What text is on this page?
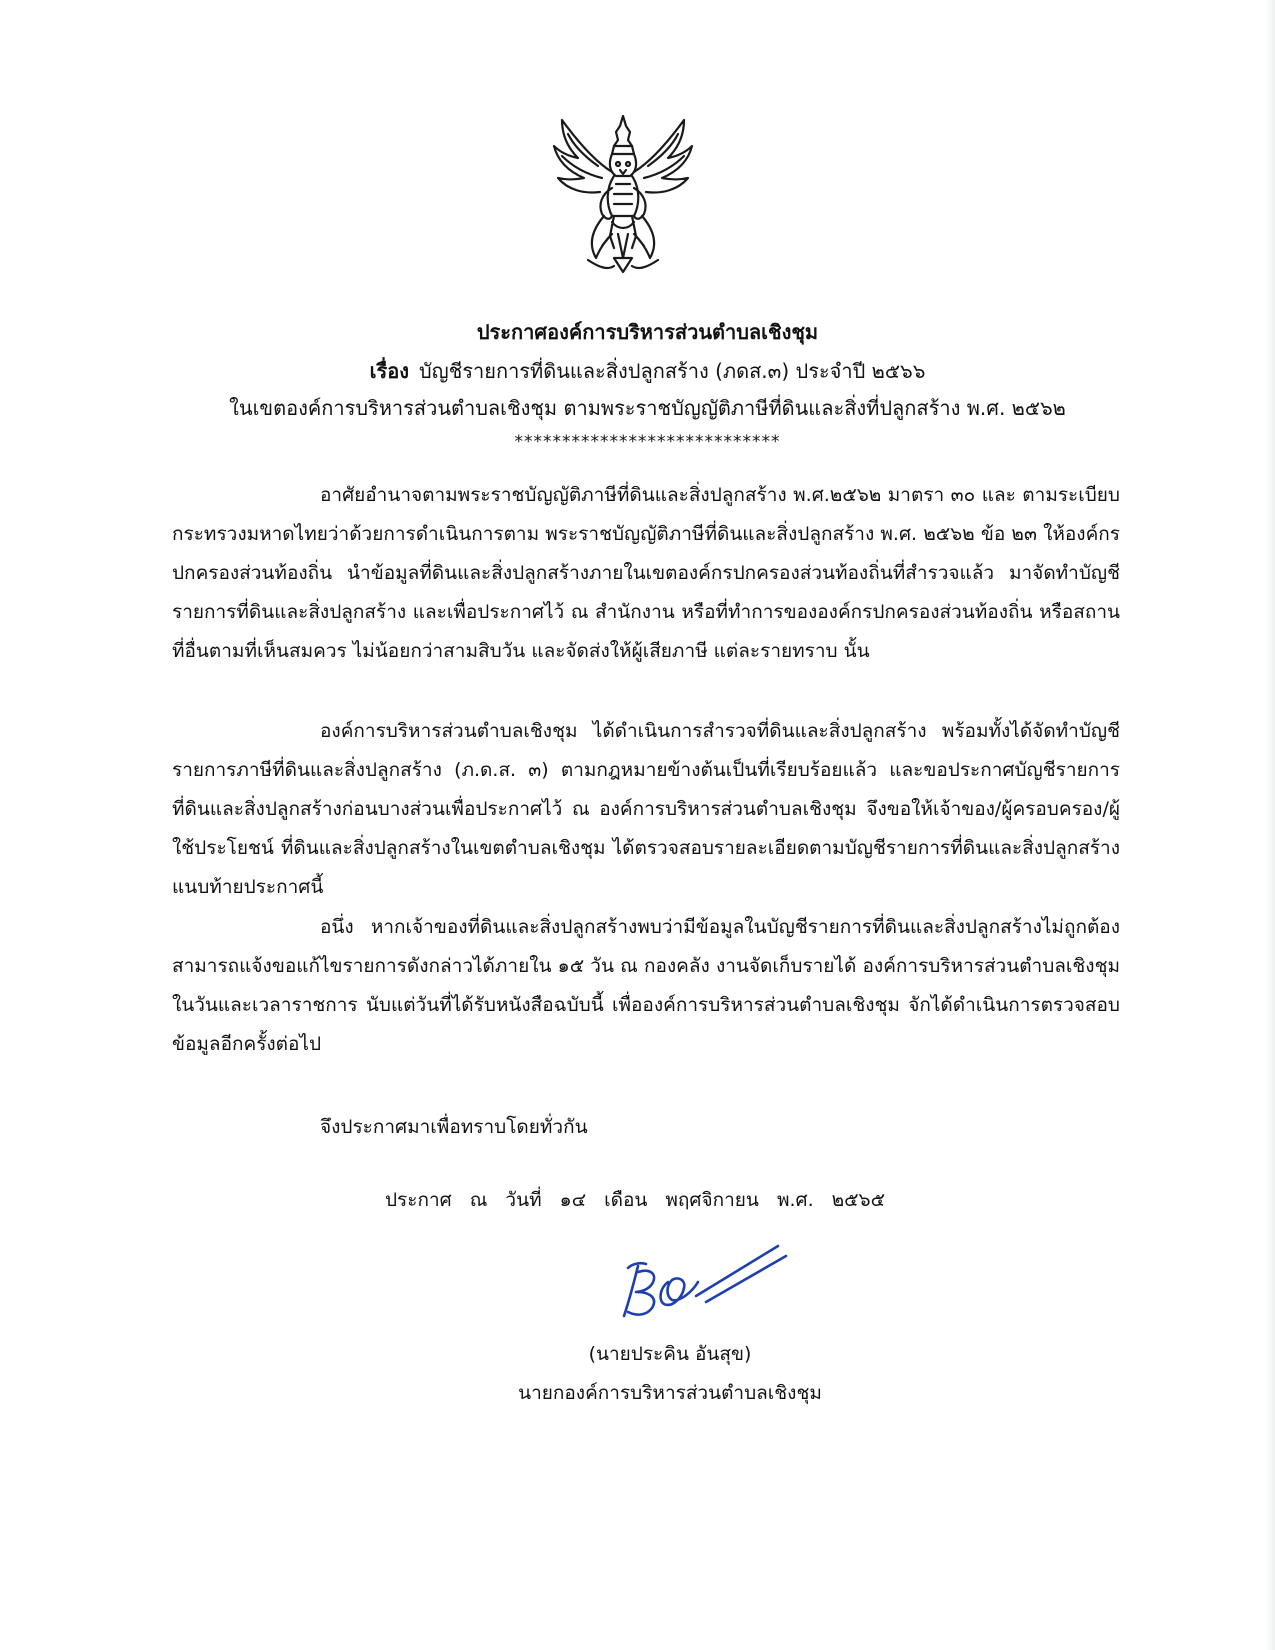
ประกาศองค์การบริหารส่วนตำบลเชิงชุม
เรื่อง บัญชีรายการที่ดินและสิ่งปลูกสร้าง (ภดส.๓) ประจำปี ๒๕๖๖
ในเขตองค์การบริหารส่วนตำบลเชิงชุม ตามพระราชบัญญัติภาษีที่ดินและสิ่งที่ปลูกสร้าง พ.ศ. ๒๕๖๒
****************************
อาศัยอำนาจตามพระราชบัญญัติภาษีที่ดินและสิ่งปลูกสร้าง พ.ศ.๒๕๖๒ มาตรา ๓๐ และ ตามระเบียบกระทรวงมหาดไทยว่าด้วยการดำเนินการตาม พระราชบัญญัติภาษีที่ดินและสิ่งปลูกสร้าง พ.ศ. ๒๕๖๒ ข้อ ๒๓ ให้องค์กรปกครองส่วนท้องถิ่น นำข้อมูลที่ดินและสิ่งปลูกสร้างภายในเขตองค์กรปกครองส่วนท้องถิ่นที่สำรวจแล้ว มาจัดทำบัญชีรายการที่ดินและสิ่งปลูกสร้าง และเพื่อประกาศไว้ ณ สำนักงาน หรือที่ทำการขององค์กรปกครองส่วนท้องถิ่น หรือสถานที่อื่นตามที่เห็นสมควร ไม่น้อยกว่าสามสิบวัน และจัดส่งให้ผู้เสียภาษี แต่ละรายทราบ นั้น
องค์การบริหารส่วนตำบลเชิงชุม ได้ดำเนินการสำรวจที่ดินและสิ่งปลูกสร้าง พร้อมทั้งได้จัดทำบัญชีรายการภาษีที่ดินและสิ่งปลูกสร้าง (ภ.ด.ส. ๓) ตามกฎหมายข้างต้นเป็นที่เรียบร้อยแล้ว และขอประกาศบัญชีรายการที่ดินและสิ่งปลูกสร้างก่อนบางส่วนเพื่อประกาศไว้ ณ องค์การบริหารส่วนตำบลเชิงชุม จึงขอให้เจ้าของ/ผู้ครอบครอง/ผู้ใช้ประโยชน์ ที่ดินและสิ่งปลูกสร้างในเขตตำบลเชิงชุม ได้ตรวจสอบรายละเอียดตามบัญชีรายการที่ดินและสิ่งปลูกสร้าง แนบท้ายประกาศนี้
อนึ่ง หากเจ้าของที่ดินและสิ่งปลูกสร้างพบว่ามีข้อมูลในบัญชีรายการที่ดินและสิ่งปลูกสร้างไม่ถูกต้อง สามารถแจ้งขอแก้ไขรายการดังกล่าวได้ภายใน ๑๕ วัน ณ กองคลัง งานจัดเก็บรายได้ องค์การบริหารส่วนตำบลเชิงชุม ในวันและเวลาราชการ นับแต่วันที่ได้รับหนังสือฉบับนี้ เพื่อองค์การบริหารส่วนตำบลเชิงชุม จักได้ดำเนินการตรวจสอบข้อมูลอีกครั้งต่อไป
จึงประกาศมาเพื่อทราบโดยทั่วกัน
ประกาศ ณ วันที่ ๑๔ เดือน พฤศจิกายน พ.ศ. ๒๕๖๕
(นายประคิน อันสุข)
นายกองค์การบริหารส่วนตำบลเชิงชุม
